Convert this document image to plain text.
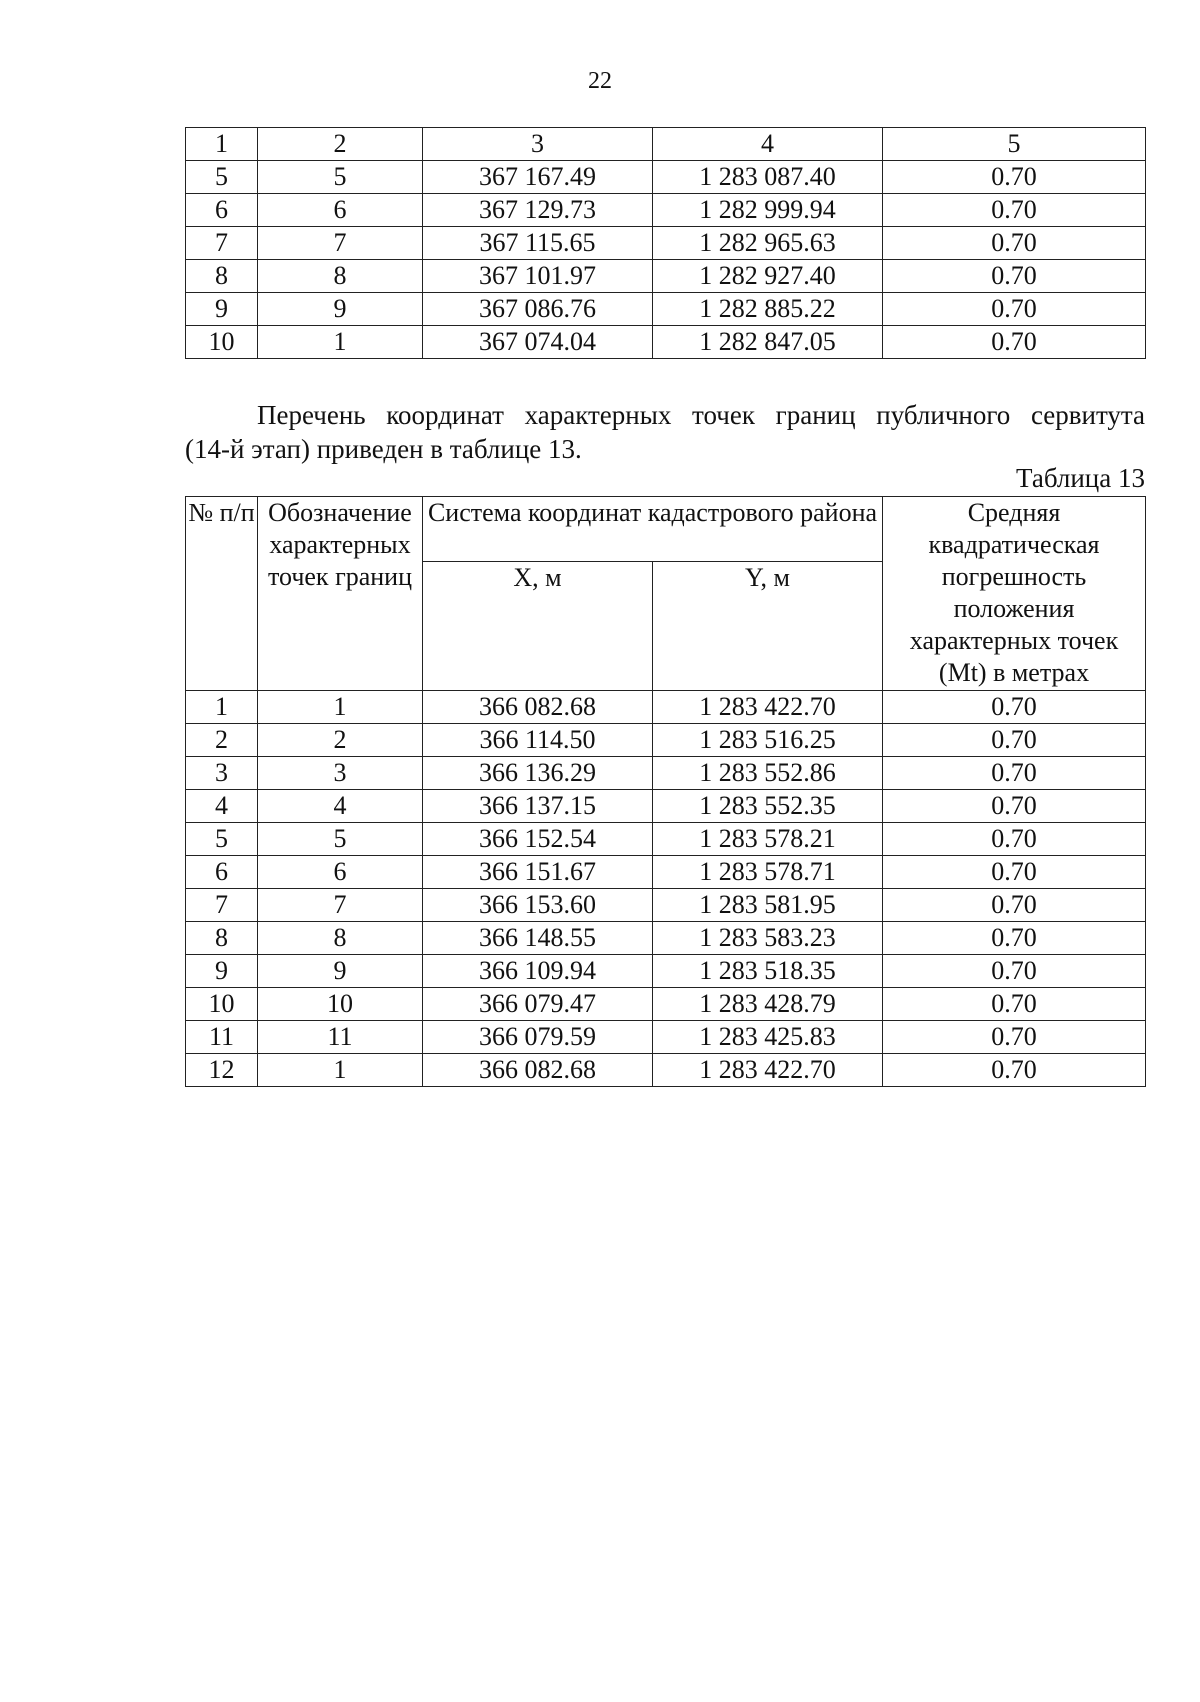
22
1	2	3	4	5
5	5	367 167.49	1 283 087.40	0.70
6	6	367 129.73	1 282 999.94	0.70
7	7	367 115.65	1 282 965.63	0.70
8	8	367 101.97	1 282 927.40	0.70
9	9	367 086.76	1 282 885.22	0.70
10	1	367 074.04	1 282 847.05	0.70
Перечень координат характерных точек границ публичного сервитута
(14-й этап) приведен в таблице 13.
Таблица 13
№ п/п	Обозначение характерных точек границ	Система координат кадастрового района		Средняя квадратическая погрешность положения характерных точек (Mt) в метрах
		X, м	Y, м	
1	1	366 082.68	1 283 422.70	0.70
2	2	366 114.50	1 283 516.25	0.70
3	3	366 136.29	1 283 552.86	0.70
4	4	366 137.15	1 283 552.35	0.70
5	5	366 152.54	1 283 578.21	0.70
6	6	366 151.67	1 283 578.71	0.70
7	7	366 153.60	1 283 581.95	0.70
8	8	366 148.55	1 283 583.23	0.70
9	9	366 109.94	1 283 518.35	0.70
10	10	366 079.47	1 283 428.79	0.70
11	11	366 079.59	1 283 425.83	0.70
12	1	366 082.68	1 283 422.70	0.70
